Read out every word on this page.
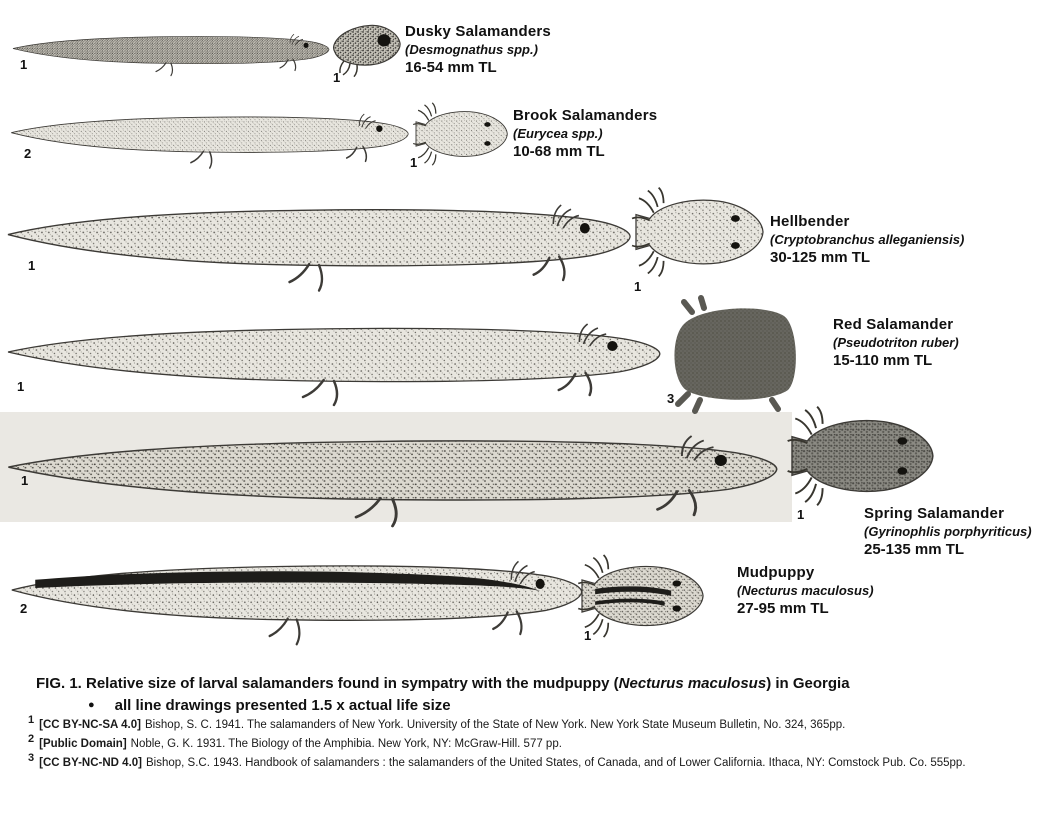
1
1
Dusky Salamanders
(Desmognathus spp.)
16-54 mm TL
2
1
Brook Salamanders
(Eurycea spp.)
10-68 mm TL
1
1
Hellbender
(Cryptobranchus alleganiensis)
30-125 mm TL
1
3
Red Salamander
(Pseudotriton ruber)
15-110 mm TL
1
1	Spring Salamander
(Gyrinophlis porphyriticus)
25-135 mm TL
2
1
Mudpuppy
(Necturus maculosus)
27-95 mm TL
FIG. 1. Relative size of larval salamanders found in sympatry with the mudpuppy (Necturus maculosus) in Georgia
● all line drawings presented 1.5 x actual life size
$^1$ [CC BY-NC-SA 4.0] Bishop, S. C. 1941. The salamanders of New York. University of the State of New York. New York State Museum Bulletin, No. 324, 365pp.
$^2$ [Public Domain] Noble, G. K. 1931. The Biology of the Amphibia. New York, NY: McGraw-Hill. 577 pp.
$^3$ [CC BY-NC-ND 4.0] Bishop, S.C. 1943. Handbook of salamanders : the salamanders of the United States, of Canada, and of Lower California. Ithaca, NY: Comstock Pub. Co. 555pp.
